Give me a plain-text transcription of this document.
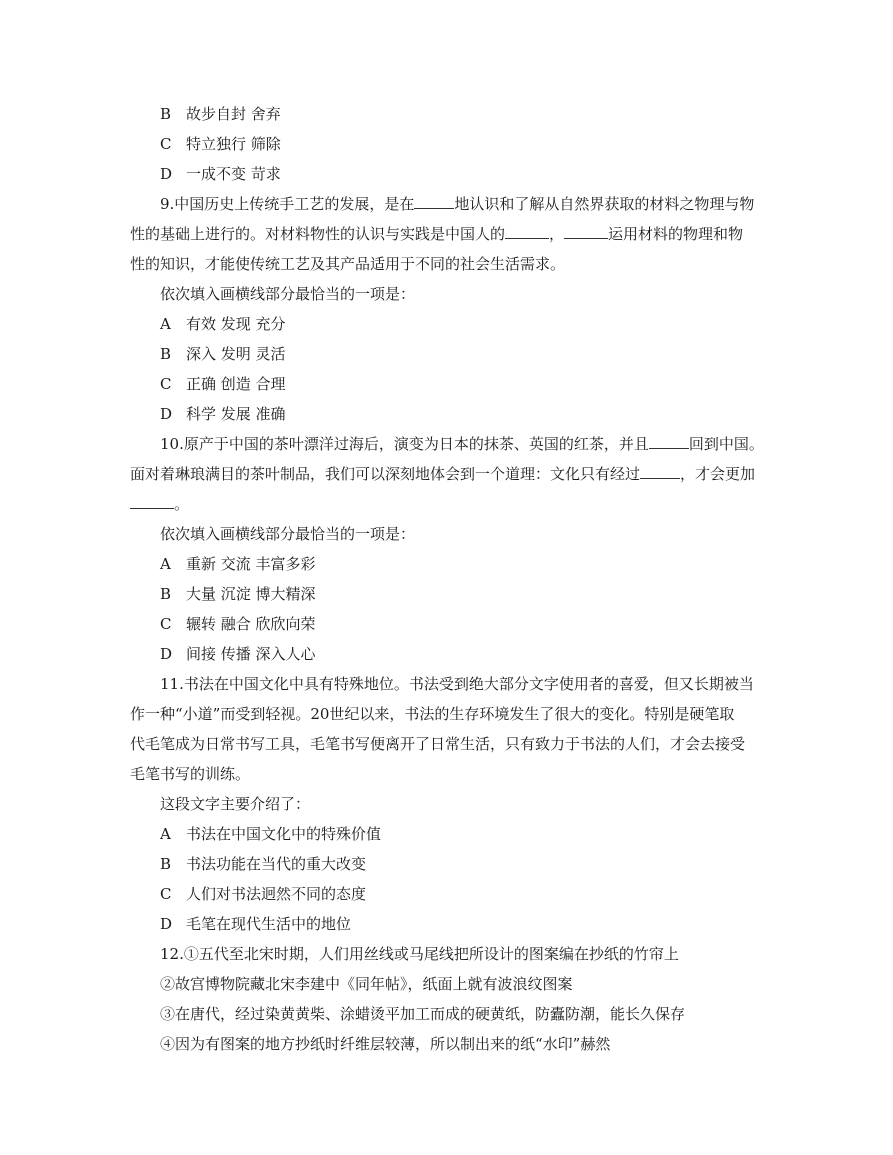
B 故步自封 舍弃
C 特立独行 筛除
D 一成不变 苛求
9.中国历史上传统手工艺的发展，是在	地认识和了解从自然界获取的材料之物理与物
性的基础上进行的。对材料物性的认识与实践是中国人的	，	运用材料的物理和物
性的知识，才能使传统工艺及其产品适用于不同的社会生活需求。
依次填入画横线部分最恰当的一项是：
A 有效 发现 充分
B 深入 发明 灵活
C 正确 创造 合理
D 科学 发展 准确
10.原产于中国的茶叶漂洋过海后，演变为日本的抹茶、英国的红茶，并且	回到中国。
面对着琳琅满目的茶叶制品，我们可以深刻地体会到一个道理：文化只有经过	，才会更加
。
依次填入画横线部分最恰当的一项是：
A 重新 交流 丰富多彩
B 大量 沉淀 博大精深
C 辗转 融合 欣欣向荣
D 间接 传播 深入人心
11.书法在中国文化中具有特殊地位。书法受到绝大部分文字使用者的喜爱，但又长期被当
作一种“小道”而受到轻视。20世纪以来，书法的生存环境发生了很大的变化。特别是硬笔取
代毛笔成为日常书写工具，毛笔书写便离开了日常生活，只有致力于书法的人们，才会去接受
毛笔书写的训练。
这段文字主要介绍了：
A 书法在中国文化中的特殊价值
B 书法功能在当代的重大改变
C 人们对书法迥然不同的态度
D 毛笔在现代生活中的地位
12.①五代至北宋时期，人们用丝线或马尾线把所设计的图案编在抄纸的竹帘上
②故宫博物院藏北宋李建中《同年帖》，纸面上就有波浪纹图案
③在唐代，经过染黄黄柴、涂蜡烫平加工而成的硬黄纸，防蠹防潮，能长久保存
④因为有图案的地方抄纸时纤维层较薄，所以制出来的纸“水印”赫然
